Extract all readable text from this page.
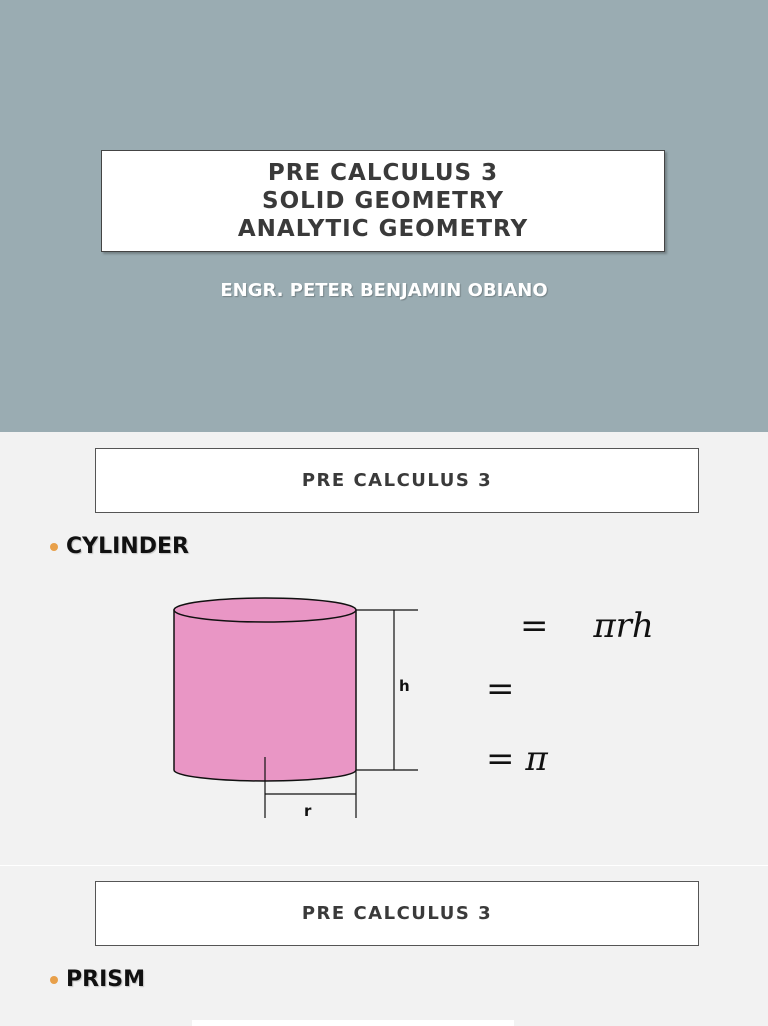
PRE CALCULUS 3
SOLID GEOMETRY
ANALYTIC GEOMETRY
ENGR. PETER BENJAMIN OBIANO
PRE CALCULUS 3
CYLINDER
h
r
= πrh
=
= π
PRE CALCULUS 3
PRISM
